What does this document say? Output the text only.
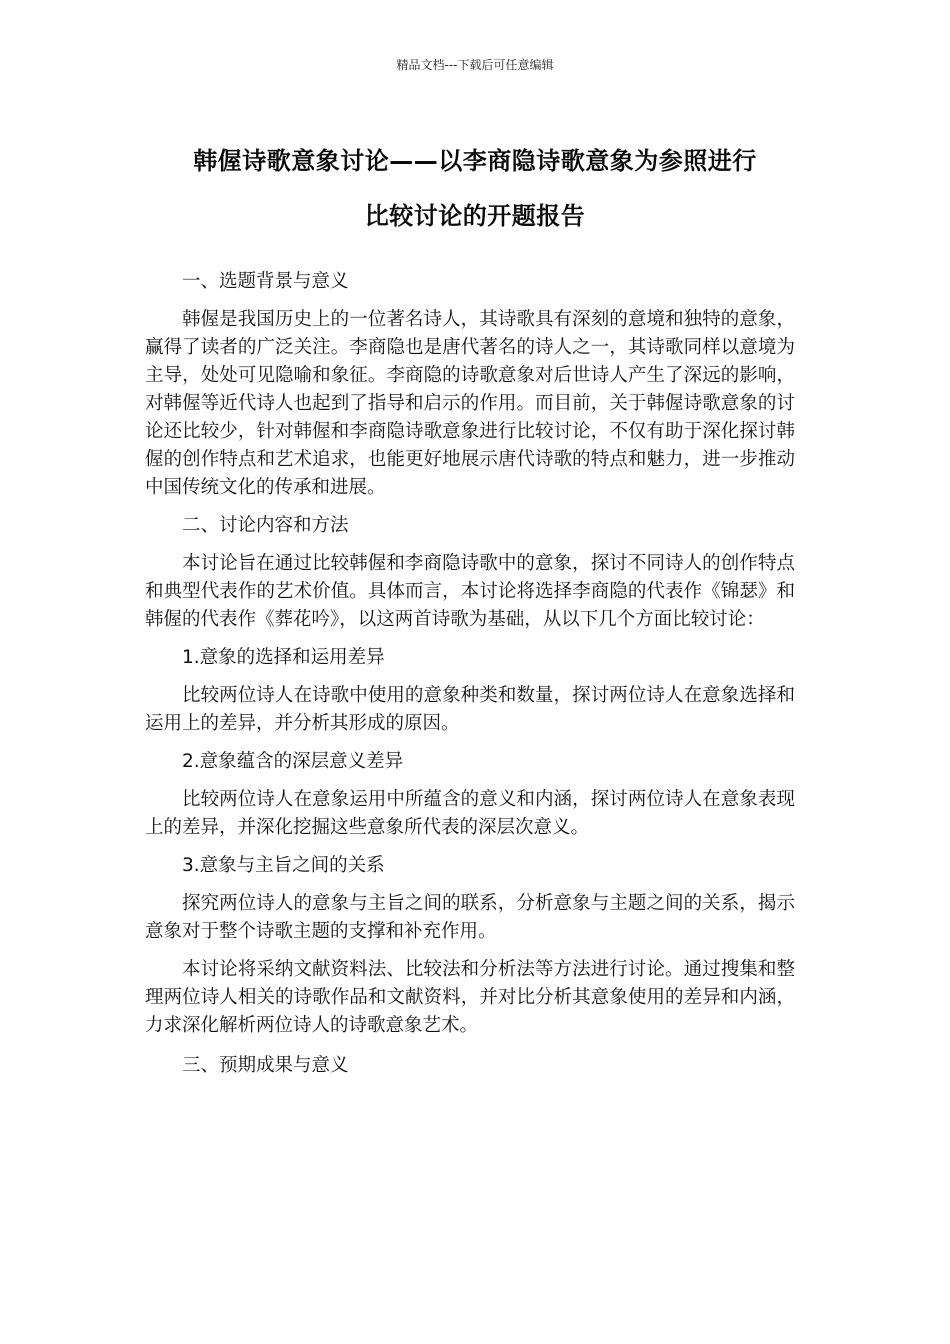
精品文档---下载后可任意编辑
韩偓诗歌意象讨论——以李商隐诗歌意象为参照进行
比较讨论的开题报告

一、选题背景与意义

韩偓是我国历史上的一位著名诗人，其诗歌具有深刻的意境和独特的意象，赢得了读者的广泛关注。李商隐也是唐代著名的诗人之一，其诗歌同样以意境为主导，处处可见隐喻和象征。李商隐的诗歌意象对后世诗人产生了深远的影响，对韩偓等近代诗人也起到了指导和启示的作用。而目前，关于韩偓诗歌意象的讨论还比较少，针对韩偓和李商隐诗歌意象进行比较讨论，不仅有助于深化探讨韩偓的创作特点和艺术追求，也能更好地展示唐代诗歌的特点和魅力，进一步推动中国传统文化的传承和进展。

二、讨论内容和方法

本讨论旨在通过比较韩偓和李商隐诗歌中的意象，探讨不同诗人的创作特点和典型代表作的艺术价值。具体而言，本讨论将选择李商隐的代表作《锦瑟》和韩偓的代表作《葬花吟》，以这两首诗歌为基础，从以下几个方面比较讨论：

1.意象的选择和运用差异

比较两位诗人在诗歌中使用的意象种类和数量，探讨两位诗人在意象选择和运用上的差异，并分析其形成的原因。

2.意象蕴含的深层意义差异

比较两位诗人在意象运用中所蕴含的意义和内涵，探讨两位诗人在意象表现上的差异，并深化挖掘这些意象所代表的深层次意义。

3.意象与主旨之间的关系

探究两位诗人的意象与主旨之间的联系，分析意象与主题之间的关系，揭示意象对于整个诗歌主题的支撑和补充作用。

本讨论将采纳文献资料法、比较法和分析法等方法进行讨论。通过搜集和整理两位诗人相关的诗歌作品和文献资料，并对比分析其意象使用的差异和内涵，力求深化解析两位诗人的诗歌意象艺术。

三、预期成果与意义
